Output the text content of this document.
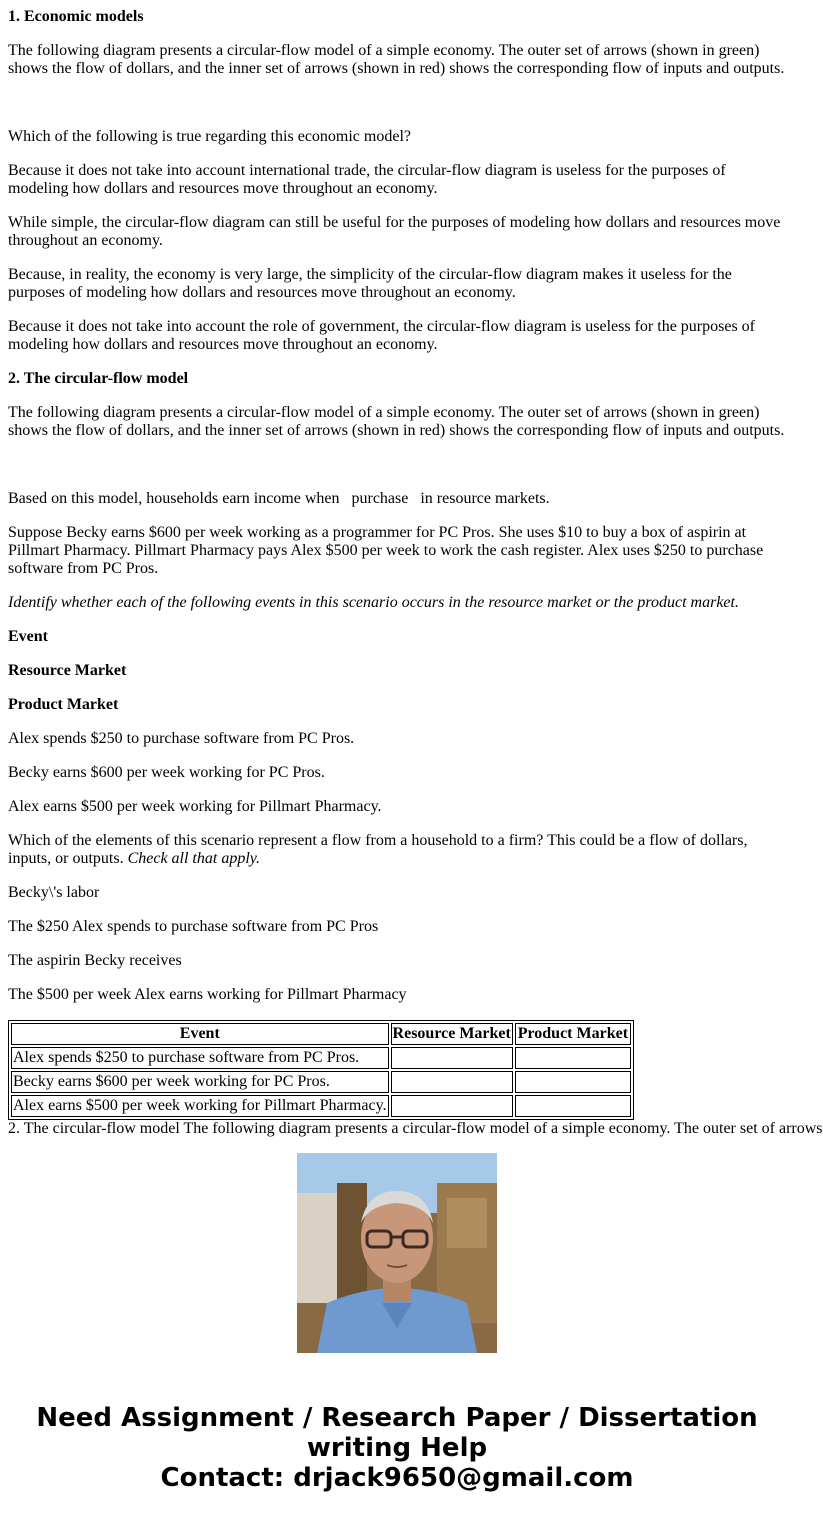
1. Economic models

The following diagram presents a circular-flow model of a simple economy. The outer set of arrows (shown in green) shows the flow of dollars, and the inner set of arrows (shown in red) shows the corresponding flow of inputs and outputs.

Which of the following is true regarding this economic model?

Because it does not take into account international trade, the circular-flow diagram is useless for the purposes of modeling how dollars and resources move throughout an economy.

While simple, the circular-flow diagram can still be useful for the purposes of modeling how dollars and resources move throughout an economy.

Because, in reality, the economy is very large, the simplicity of the circular-flow diagram makes it useless for the purposes of modeling how dollars and resources move throughout an economy.

Because it does not take into account the role of government, the circular-flow diagram is useless for the purposes of modeling how dollars and resources move throughout an economy.

2. The circular-flow model

The following diagram presents a circular-flow model of a simple economy. The outer set of arrows (shown in green) shows the flow of dollars, and the inner set of arrows (shown in red) shows the corresponding flow of inputs and outputs.

Based on this model, households earn income when purchase in resource markets.

Suppose Becky earns $600 per week working as a programmer for PC Pros. She uses $10 to buy a box of aspirin at Pillmart Pharmacy. Pillmart Pharmacy pays Alex $500 per week to work the cash register. Alex uses $250 to purchase software from PC Pros.

Identify whether each of the following events in this scenario occurs in the resource market or the product market.

Event

Resource Market

Product Market

Alex spends $250 to purchase software from PC Pros.

Becky earns $600 per week working for PC Pros.

Alex earns $500 per week working for Pillmart Pharmacy.

Which of the elements of this scenario represent a flow from a household to a firm? This could be a flow of dollars, inputs, or outputs. Check all that apply.

Becky\'s labor

The $250 Alex spends to purchase software from PC Pros

The aspirin Becky receives

The $500 per week Alex earns working for Pillmart Pharmacy

Event	Resource Market	Product Market
Alex spends $250 to purchase software from PC Pros.		
Becky earns $600 per week working for PC Pros.		
Alex earns $500 per week working for Pillmart Pharmacy.		
2. The circular-flow model The following diagram presents a circular-flow model of a simple economy. The outer set of arrows
Need Assignment / Research Paper / Dissertation
writing Help
Contact: drjack9650@gmail.com
